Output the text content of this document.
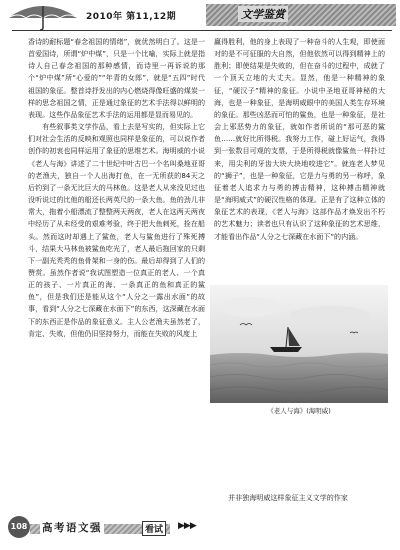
2010年 第11,12期	文学鉴赏

香诗的耐标题“春念祖国的情绪”，就优然明白了。这是一首爱国诗，所谓“炉中煤”，只是一个比喻，实际上就是指诗人自己春念祖国的那种感情，而诗里一再诉说的那个“炉中煤”所“心爱的”“年青的女郎”，就是“五四”时代祖国的象征。整首诗抒发出的内心燃烧得像旺盛的煤炭一样的思念祖国之情，正是通过象征的艺术手法得以鲜明的表现。这些作品象征艺术手法的运用都是显而易见的。

有些叙事类文学作品，看上去是写实的，但实际上它们对社会生活的反映和观照也同样是象征的，可以说作者创作的初衷也同样运用了象征的思维艺术。海明威的小说《老人与海》讲述了二十世纪中叶古巴一个名叫桑地亚哥的老渔夫，独自一个人出海打鱼，在一无所获的84天之后钓到了一条无比巨大的马林鱼。这是老人从来没见过也没听说过的比他的船还长两英尺的一条大鱼。鱼的劲儿非常大，拖着小船漂流了整整两天两夜，老人在这两天两夜中经历了从未经受的艰难考验，终于把大鱼刺死，拴在船头。然而这时却遇上了鲨鱼，老人与鲨鱼进行了殊死搏斗，结果大马林鱼被鲨鱼吃光了，老人最后拖回家的只剩下一副光秃秃的鱼骨架和一身的伤。最后却得到了人们的赞赏。虽然作者说“我试图塑造一位真正的老人、一个真正的孩子、一片真正的海、一条真正的鱼和真正的鲨鱼”，但是我们还是能从这个“人分之一露出水面”的故事，看到“人分之七深藏在水面下”的东西，这深藏在水面下的东西正是作品的象征意义。主人公老渔夫虽然老了，肯定、失败，但他仍旧坚持努力，而能在失败的风度上

赢得胜利，他的身上表现了一种奋斗的人生观，即使面对的是不可征服的大自然，但他依然可以得到精神上的胜利；即使结果是失败的，但在奋斗的过程中，成就了一个顶天立地的大丈夫。显然，他是一种精神的象征，“硬汉子”精神的象征。小说中圣地亚哥神秘的大海，也是一种象征，是海明威眼中的美国人类生存环境的象征。那些凶恶而可怕的鲨鱼，也是一种象征，是社会上邪恶势力的象征，就如作者所说的“那可恶的鲨鱼……就好比所得税。我努力工作，碰上好运气，我得到一张数目可观的支票，于是所得税就像鲨鱼一样扑过来，用尖利的牙齿大块大块地咬进它”。就连老人梦见的“狮子”，也是一种象征，它是力与勇的另一称呼，象征着老人追求力与勇的搏击精神，这种搏击精神就是“海明威式”的硬汉性格的体现。正是有了这种立体的象征艺术的表现，《老人与海》这部作品才焕发出不朽的艺术魅力；读者也只有认识了这种象征的艺术思维，才能看出作品“人分之七深藏在水面下”的内涵。

《老人与海》(海明威)
并非独海明威这样象征主义文学的作家
108 高考语文强	看试	▶▶▶
